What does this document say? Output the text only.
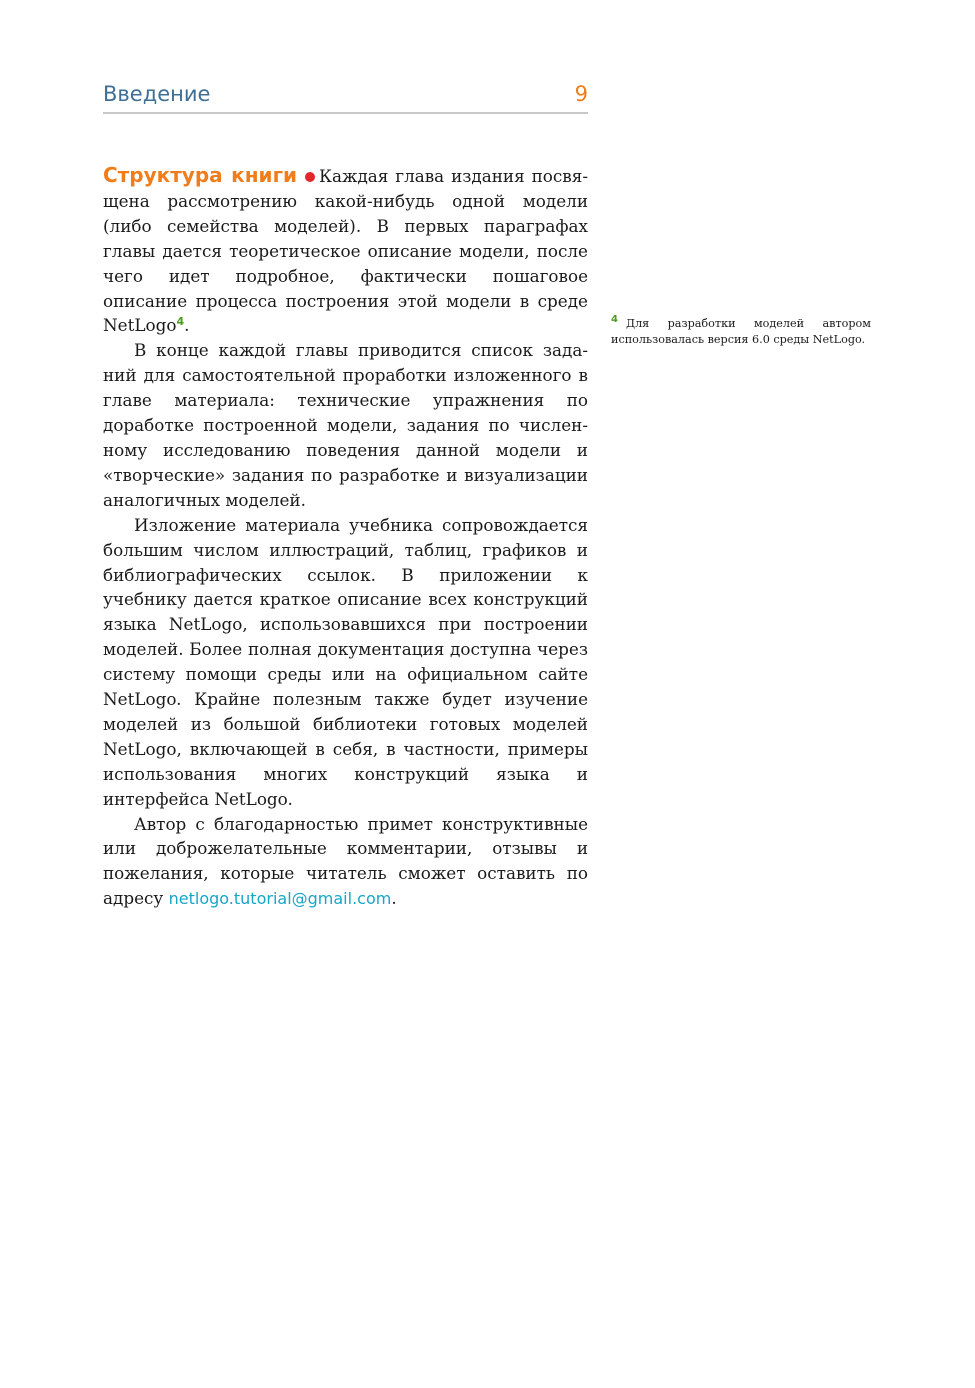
Введение	9

Структура книги Каждая глава издания посвящена рассмотрению какой-нибудь одной модели (либо семейства моделей). В первых параграфах главы дается теоретическое описание модели, после чего идет подробное, фактически пошаговое описание процесса построения этой модели в среде NetLogo$^4$.

В конце каждой главы приводится список заданий для самостоятельной проработки изложенного в главе материала: технические упражнения по доработке построенной модели, задания по численному исследованию поведения данной модели и «творческие» задания по разработке и визуализации аналогичных моделей.

Изложение материала учебника сопровождается большим числом иллюстраций, таблиц, графиков и библиографических ссылок. В приложении к учебнику дается краткое описание всех конструкций языка NetLogo, использовавшихся при построении моделей. Более полная документация доступна через систему помощи среды или на официальном сайте NetLogo. Крайне полезным также будет изучение моделей из большой библиотеки готовых моделей NetLogo, включающей в себя, в частности, примеры использования многих конструкций языка и интерфейса NetLogo.

Автор с благодарностью примет конструктивные или доброжелательные комментарии, отзывы и пожелания, которые читатель сможет оставить по адресу netlogo.tutorial@gmail.com.

4 Для разработки моделей автором использовалась версия 6.0 среды NetLogo.
